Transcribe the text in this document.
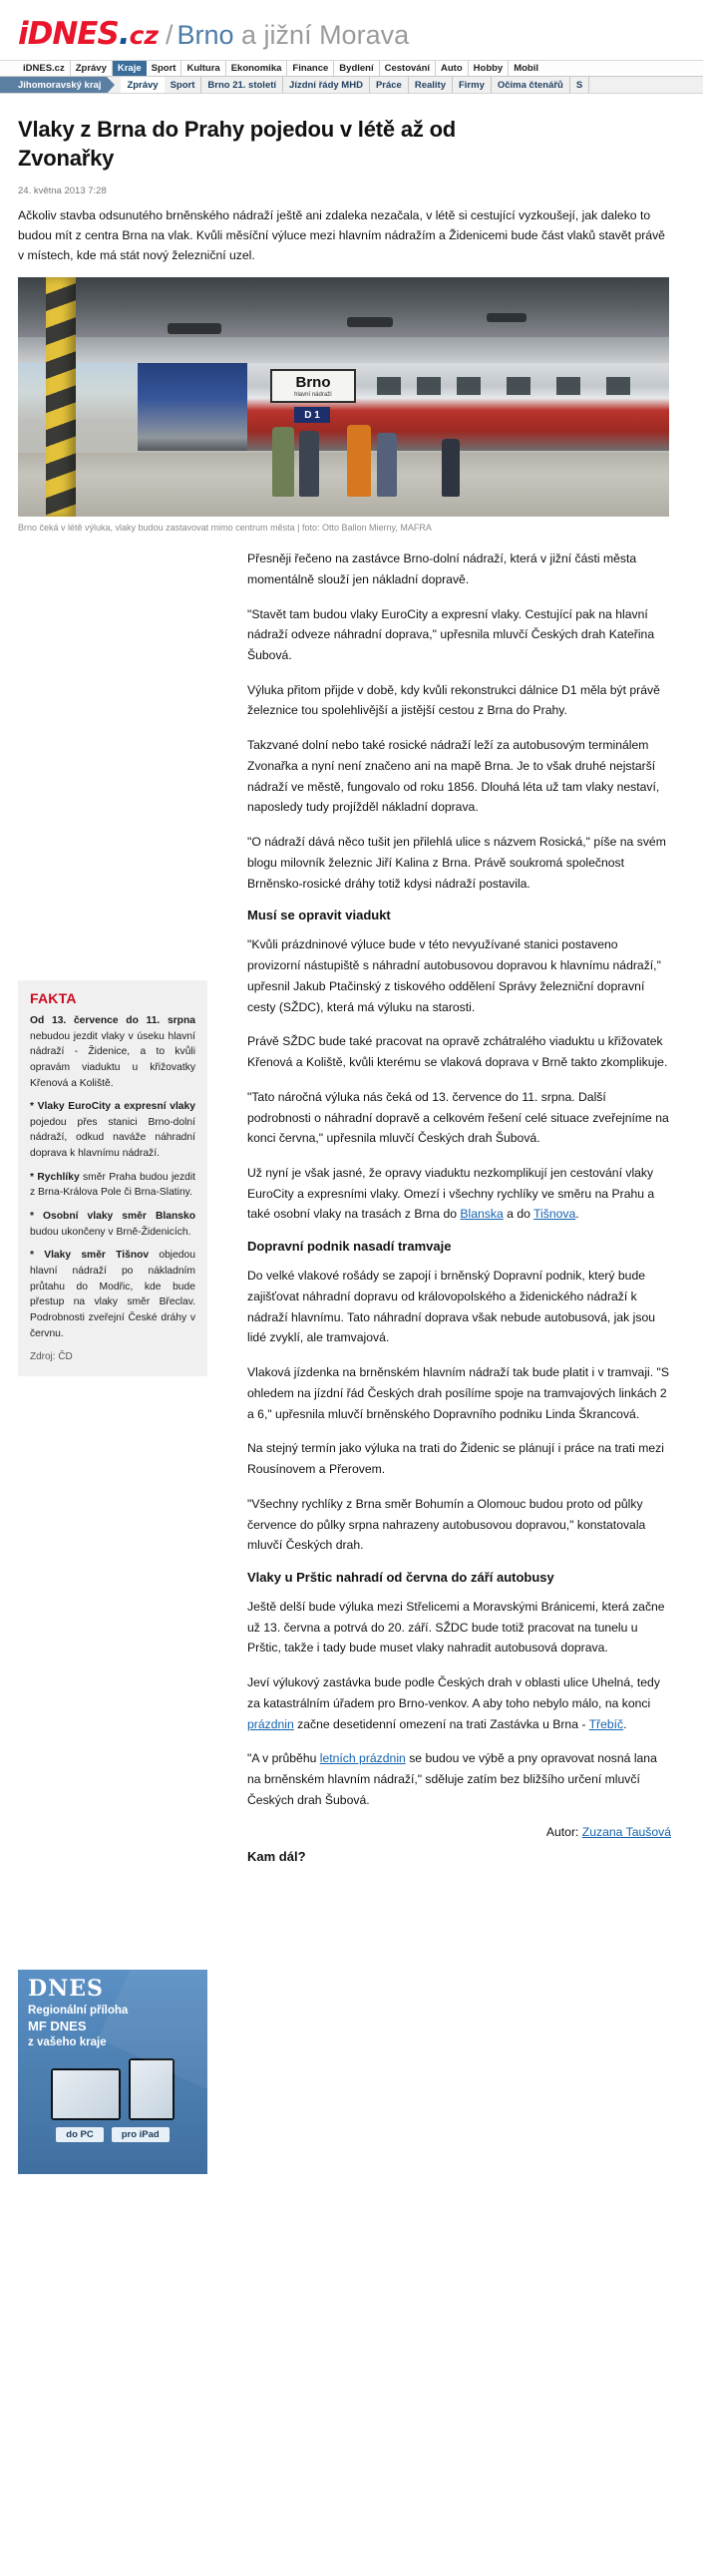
iDNES.cz / Brno a jižní Morava
iDNES.cz	Zprávy	Kraje	Sport	Kultura	Ekonomika	Finance	Bydlení	Cestování	Auto	Hobby	Mobil
Jihomoravský kraj	Zprávy	Sport	Brno 21. století	Jízdní řády MHD	Práce	Reality	Firmy	Očima čtenářů	S
Vlaky z Brna do Prahy pojedou v létě až od Zvonařky
24. května 2013 7:28

Ačkoliv stavba odsunutého brněnského nádraží ještě ani zdaleka nezačala, v létě si cestující vyzkoušejí, jak daleko to budou mít z centra Brna na vlak. Kvůli měsíční výluce mezi hlavním nádražím a Židenicemi bude část vlaků stavět právě v místech, kde má stát nový železniční uzel.

Brno
hlavní nádraží
D 1
Brno čeká v létě výluka, vlaky budou zastavovat mimo centrum města | foto: Otto Ballon Mierny, MAFRA

Přesněji řečeno na zastávce Brno-dolní nádraží, která v jižní části města momentálně slouží jen nákladní dopravě.

"Stavět tam budou vlaky EuroCity a expresní vlaky. Cestující pak na hlavní nádraží odveze náhradní doprava," upřesnila mluvčí Českých drah Kateřina Šubová.

Výluka přitom přijde v době, kdy kvůli rekonstrukci dálnice D1 měla být právě železnice tou spolehlivější a jistější cestou z Brna do Prahy.

Takzvané dolní nebo také rosické nádraží leží za autobusovým terminálem Zvonařka a nyní není značeno ani na mapě Brna. Je to však druhé nejstarší nádraží ve městě, fungovalo od roku 1856. Dlouhá léta už tam vlaky nestaví, naposledy tudy projížděl nákladní doprava.

"O nádraží dává něco tušit jen přilehlá ulice s názvem Rosická," píše na svém blogu milovník železnic Jiří Kalina z Brna. Právě soukromá společnost Brněnsko-rosické dráhy totiž kdysi nádraží postavila.

Musí se opravit viadukt

"Kvůli prázdninové výluce bude v této nevyužívané stanici postaveno provizorní nástupiště s náhradní autobusovou dopravou k hlavnímu nádraží," upřesnil Jakub Ptačinský z tiskového oddělení Správy železniční dopravní cesty (SŽDC), která má výluku na starosti.

Právě SŽDC bude také pracovat na opravě zchátralého viaduktu u křižovatek Křenová a Koliště, kvůli kterému se vlaková doprava v Brně takto zkomplikuje.

"Tato náročná výluka nás čeká od 13. července do 11. srpna. Další podrobnosti o náhradní dopravě a celkovém řešení celé situace zveřejníme na konci června," upřesnila mluvčí Českých drah Šubová.

Už nyní je však jasné, že opravy viaduktu nezkomplikují jen cestování vlaky EuroCity a expresními vlaky. Omezí i všechny rychlíky ve směru na Prahu a také osobní vlaky na trasách z Brna do Blanska a do Tišnova.

Dopravní podnik nasadí tramvaje

Do velké vlakové rošády se zapojí i brněnský Dopravní podnik, který bude zajišťovat náhradní dopravu od královopolského a židenického nádraží k nádraží hlavnímu. Tato náhradní doprava však nebude autobusová, jak jsou lidé zvyklí, ale tramvajová.

Vlaková jízdenka na brněnském hlavním nádraží tak bude platit i v tramvaji. "S ohledem na jízdní řád Českých drah posílíme spoje na tramvajových linkách 2 a 6," upřesnila mluvčí brněnského Dopravního podniku Linda Škrancová.

Na stejný termín jako výluka na trati do Židenic se plánují i práce na trati mezi Rousínovem a Přerovem.

"Všechny rychlíky z Brna směr Bohumín a Olomouc budou proto od půlky července do půlky srpna nahrazeny autobusovou dopravou," konstatovala mluvčí Českých drah.

Vlaky u Prštic nahradí od června do září autobusy

Ještě delší bude výluka mezi Střelicemi a Moravskými Bránicemi, která začne už 13. června a potrvá do 20. září. SŽDC bude totiž pracovat na tunelu u Prštic, takže i tady bude muset vlaky nahradit autobusová doprava.

Jeví výlukový zastávka bude podle Českých drah v oblasti ulice Uhelná, tedy za katastrálním úřadem pro Brno-venkov. A aby toho nebylo málo, na konci prázdnin začne desetidenní omezení na trati Zastávka u Brna - Třebíč.

"A v průběhu letních prázdnin se budou ve výbě a pny opravovat nosná lana na brněnském hlavním nádraží," sděluje zatím bez bližšího určení mluvčí Českých drah Šubová.

Autor: Zuzana Taušová
Kam dál?
FAKTA

Od 13. července do 11. srpna nebudou jezdit vlaky v úseku hlavní nádraží - Židenice, a to kvůli opravám viaduktu u křižovatky Křenová a Koliště.

* Vlaky EuroCity a expresní vlaky pojedou přes stanici Brno-dolní nádraží, odkud naváže náhradní doprava k hlavnímu nádraží.

* Rychlíky směr Praha budou jezdit z Brna-Králova Pole či Brna-Slatiny.

* Osobní vlaky směr Blansko budou ukončeny v Brně-Židenicích.

* Vlaky směr Tišnov objedou hlavní nádraží po nákladním průtahu do Modřic, kde bude přestup na vlaky směr Břeclav. Podrobnosti zveřejní České dráhy v červnu.

Zdroj: ČD
DNES
Regionální příloha
MF DNES
z vašeho kraje
do PC	pro iPad
